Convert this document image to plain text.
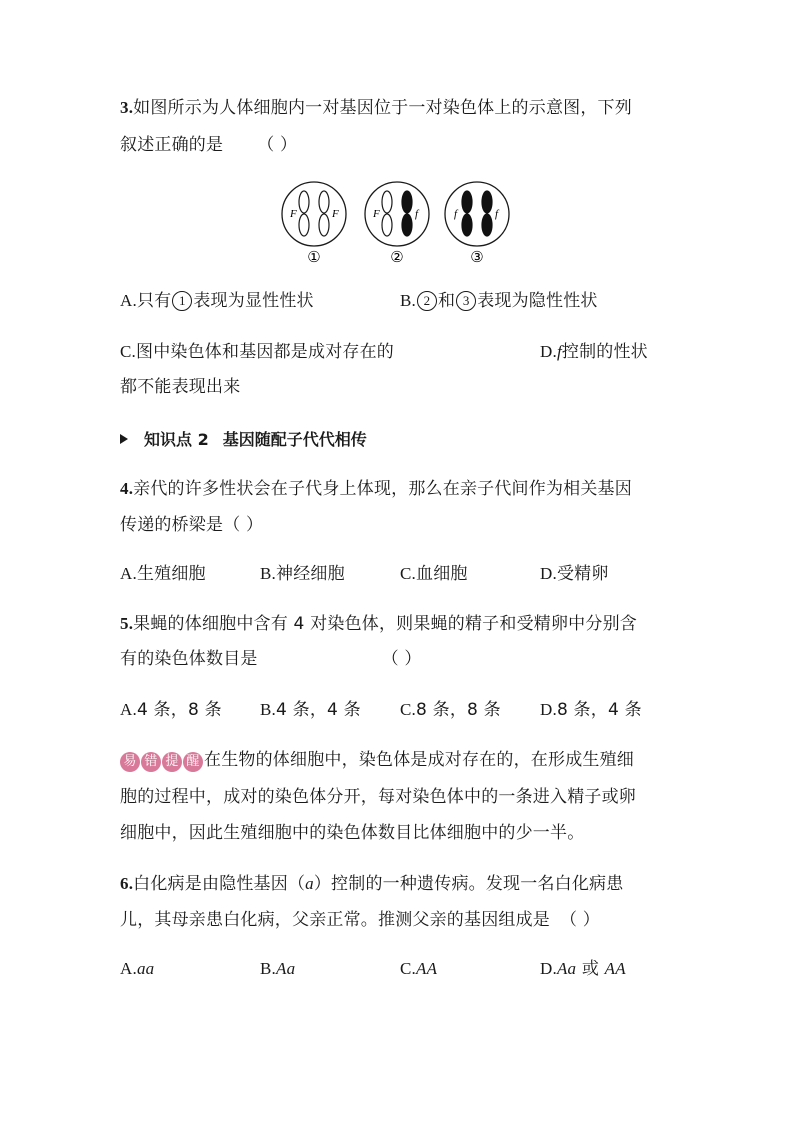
3.如图所示为人体细胞内一对基因位于一对染色体上的示意图，下列
叙述正确的是 （ ）
F	F
①
F	f
②
f	f
③
A.只有 1 表现为显性性状	B. 2 和 3 表现为隐性性状
C.图中染色体和基因都是成对存在的	D.f控制的性状
都不能表现出来
知识点 2 基因随配子代代相传
4.亲代的许多性状会在子代身上体现，那么在亲子代间作为相关基因
传递的桥梁是（ ）
A.生殖细胞	B.神经细胞	C.血细胞	D.受精卵
5.果蝇的体细胞中含有 4 对染色体，则果蝇的精子和受精卵中分别含
有的染色体数目是	（ ）
A.4 条，8 条 B.4 条，4 条 C.8 条，8 条 D.8 条，4 条
易 错 提 醒 在生物的体细胞中，染色体是成对存在的，在形成生殖细
胞的过程中，成对的染色体分开，每对染色体中的一条进入精子或卵
细胞中，因此生殖细胞中的染色体数目比体细胞中的少一半。
6.白化病是由隐性基因（a）控制的一种遗传病。发现一名白化病患
儿，其母亲患白化病，父亲正常。推测父亲的基因组成是 （ ）
A.aa	B.Aa	C.AA	D.Aa 或 AA
